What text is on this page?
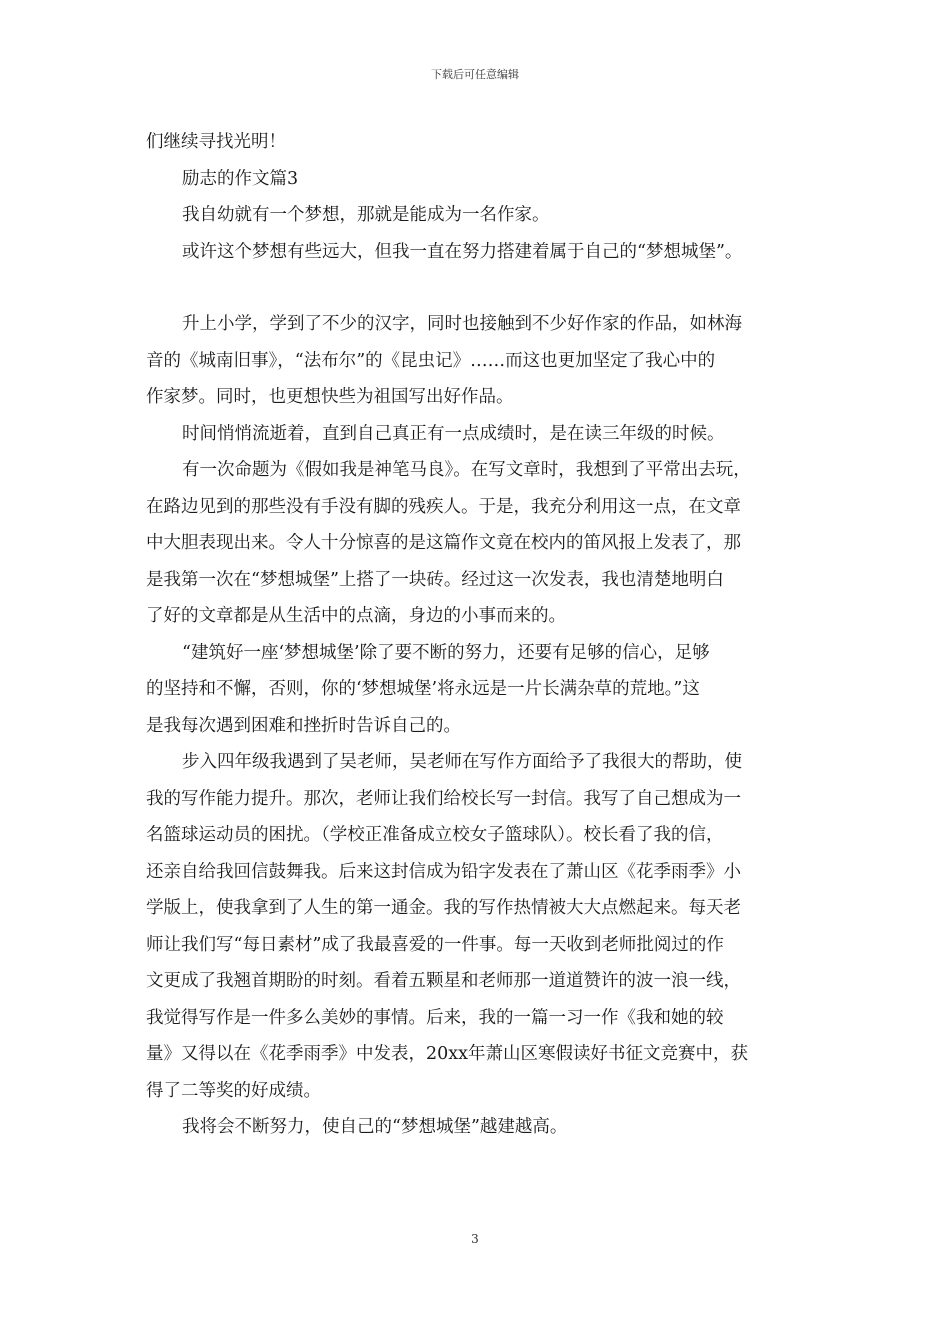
下载后可任意编辑

们继续寻找光明！

励志的作文篇3

我自幼就有一个梦想，那就是能成为一名作家。

或许这个梦想有些远大，但我一直在努力搭建着属于自己的“梦想城堡”。

升上小学，学到了不少的汉字，同时也接触到不少好作家的作品，如林海

音的《城南旧事》，“法布尔”的《昆虫记》……而这也更加坚定了我心中的

作家梦。同时，也更想快些为祖国写出好作品。

时间悄悄流逝着，直到自己真正有一点成绩时，是在读三年级的时候。

有一次命题为《假如我是神笔马良》。在写文章时，我想到了平常出去玩，

在路边见到的那些没有手没有脚的残疾人。于是，我充分利用这一点，在文章

中大胆表现出来。令人十分惊喜的是这篇作文竟在校内的笛风报上发表了，那

是我第一次在“梦想城堡”上搭了一块砖。经过这一次发表，我也清楚地明白

了好的文章都是从生活中的点滴，身边的小事而来的。

“建筑好一座‘梦想城堡’除了要不断的努力，还要有足够的信心，足够

的坚持和不懈，否则，你的‘梦想城堡’将永远是一片长满杂草的荒地。”这

是我每次遇到困难和挫折时告诉自己的。

步入四年级我遇到了吴老师，吴老师在写作方面给予了我很大的帮助，使

我的写作能力提升。那次，老师让我们给校长写一封信。我写了自己想成为一

名篮球运动员的困扰。（学校正准备成立校女子篮球队）。校长看了我的信，

还亲自给我回信鼓舞我。后来这封信成为铅字发表在了萧山区《花季雨季》小

学版上，使我拿到了人生的第一通金。我的写作热情被大大点燃起来。每天老

师让我们写“每日素材”成了我最喜爱的一件事。每一天收到老师批阅过的作

文更成了我翘首期盼的时刻。看着五颗星和老师那一道道赞许的波一浪一线，

我觉得写作是一件多么美妙的事情。后来，我的一篇一习一作《我和她的较

量》又得以在《花季雨季》中发表，20xx年萧山区寒假读好书征文竞赛中，获

得了二等奖的好成绩。

我将会不断努力，使自己的“梦想城堡”越建越高。

3
